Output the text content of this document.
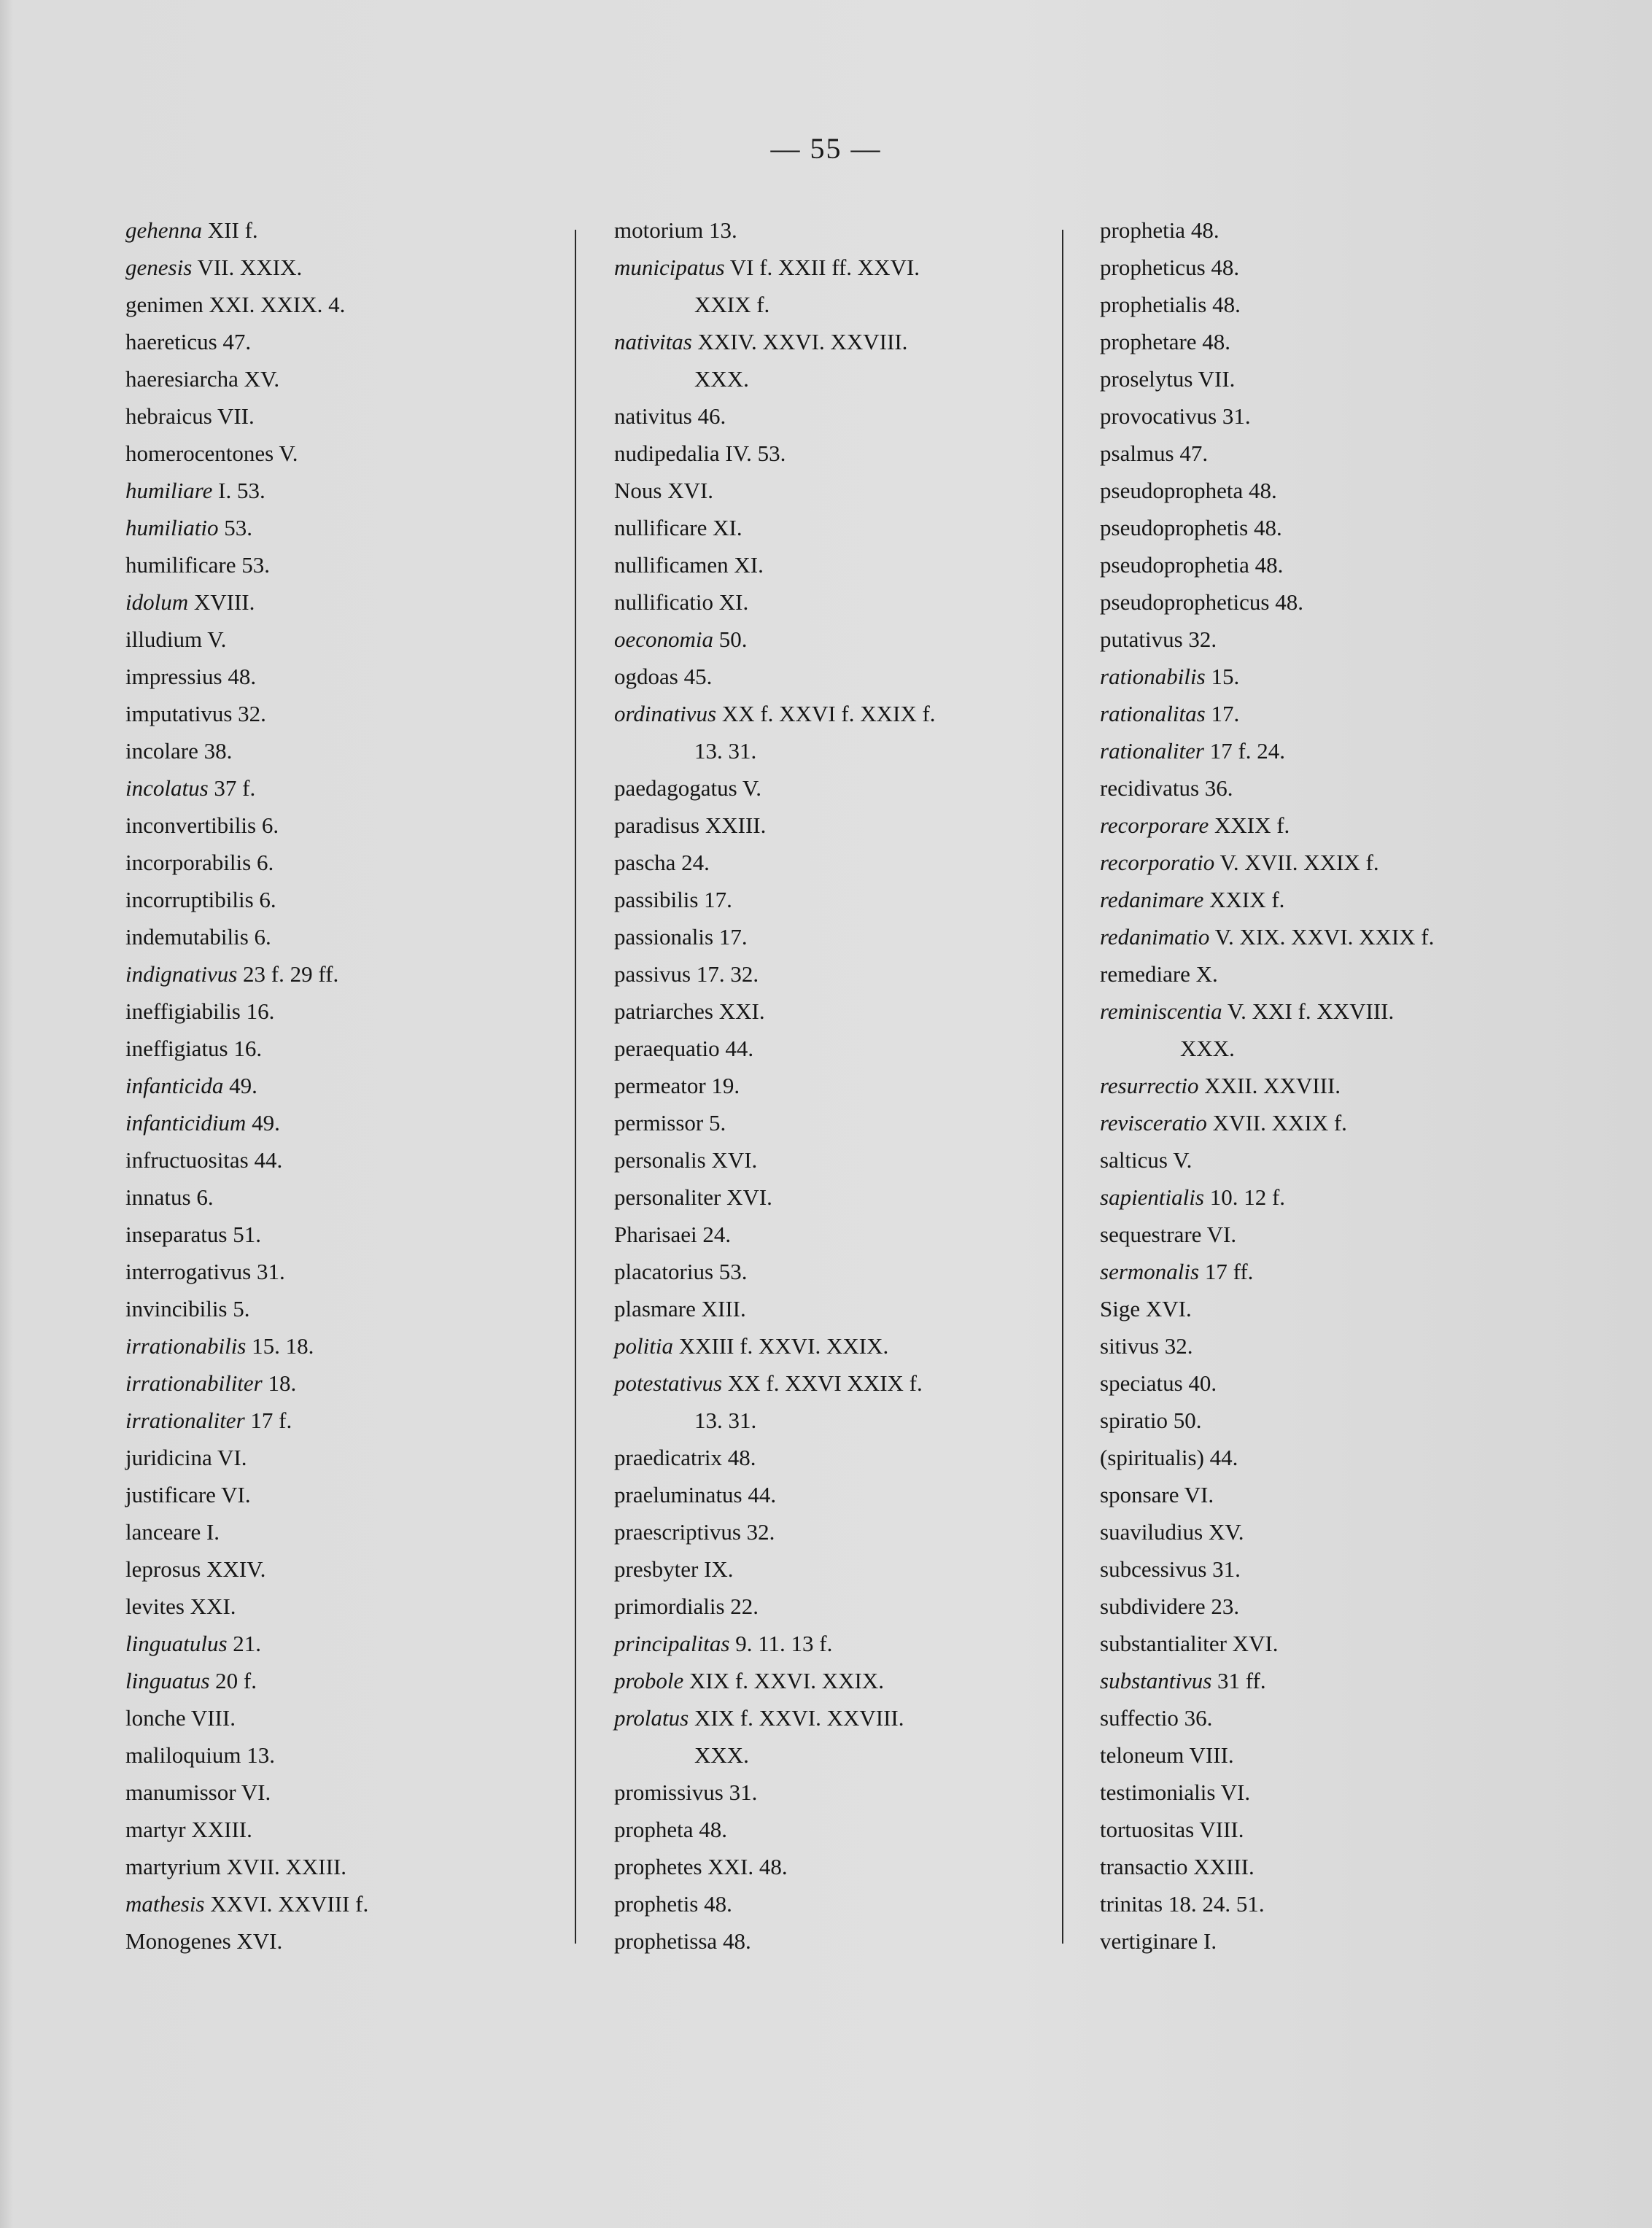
— 55 —
gehenna XII f.
genesis VII. XXIX.
genimen XXI. XXIX. 4.
haereticus 47.
haeresiarcha XV.
hebraicus VII.
homerocentones V.
humiliare I. 53.
humiliatio 53.
humilificare 53.
idolum XVIII.
illudium V.
impressius 48.
imputativus 32.
incolare 38.
incolatus 37 f.
inconvertibilis 6.
incorporabilis 6.
incorruptibilis 6.
indemutabilis 6.
indignativus 23 f. 29 ff.
ineffigiabilis 16.
ineffigiatus 16.
infanticida 49.
infanticidium 49.
infructuositas 44.
innatus 6.
inseparatus 51.
interrogativus 31.
invincibilis 5.
irrationabilis 15. 18.
irrationabiliter 18.
irrationaliter 17 f.
juridicina VI.
justificare VI.
lanceare I.
leprosus XXIV.
levites XXI.
linguatulus 21.
linguatus 20 f.
lonche VIII.
maliloquium 13.
manumissor VI.
martyr XXIII.
martyrium XVII. XXIII.
mathesis XXVI. XXVIII f.
Monogenes XVI.
motorium 13.
municipatus VI f. XXII ff. XXVI.
XXIX f.
nativitas XXIV. XXVI. XXVIII.
XXX.
nativitus 46.
nudipedalia IV. 53.
Nous XVI.
nullificare XI.
nullificamen XI.
nullificatio XI.
oeconomia 50.
ogdoas 45.
ordinativus XX f. XXVI f. XXIX f.
13. 31.
paedagogatus V.
paradisus XXIII.
pascha 24.
passibilis 17.
passionalis 17.
passivus 17. 32.
patriarches XXI.
peraequatio 44.
permeator 19.
permissor 5.
personalis XVI.
personaliter XVI.
Pharisaei 24.
placatorius 53.
plasmare XIII.
politia XXIII f. XXVI. XXIX.
potestativus XX f. XXVI XXIX f.
13. 31.
praedicatrix 48.
praeluminatus 44.
praescriptivus 32.
presbyter IX.
primordialis 22.
principalitas 9. 11. 13 f.
probole XIX f. XXVI. XXIX.
prolatus XIX f. XXVI. XXVIII.
XXX.
promissivus 31.
propheta 48.
prophetes XXI. 48.
prophetis 48.
prophetissa 48.
prophetia 48.
propheticus 48.
prophetialis 48.
prophetare 48.
proselytus VII.
provocativus 31.
psalmus 47.
pseudopropheta 48.
pseudoprophetis 48.
pseudoprophetia 48.
pseudopropheticus 48.
putativus 32.
rationabilis 15.
rationalitas 17.
rationaliter 17 f. 24.
recidivatus 36.
recorporare XXIX f.
recorporatio V. XVII. XXIX f.
redanimare XXIX f.
redanimatio V. XIX. XXVI. XXIX f.
remediare X.
reminiscentia V. XXI f. XXVIII.
XXX.
resurrectio XXII. XXVIII.
revisceratio XVII. XXIX f.
salticus V.
sapientialis 10. 12 f.
sequestrare VI.
sermonalis 17 ff.
Sige XVI.
sitivus 32.
speciatus 40.
spiratio 50.
(spiritualis) 44.
sponsare VI.
suaviludius XV.
subcessivus 31.
subdividere 23.
substantialiter XVI.
substantivus 31 ff.
suffectio 36.
teloneum VIII.
testimonialis VI.
tortuositas VIII.
transactio XXIII.
trinitas 18. 24. 51.
vertiginare I.
